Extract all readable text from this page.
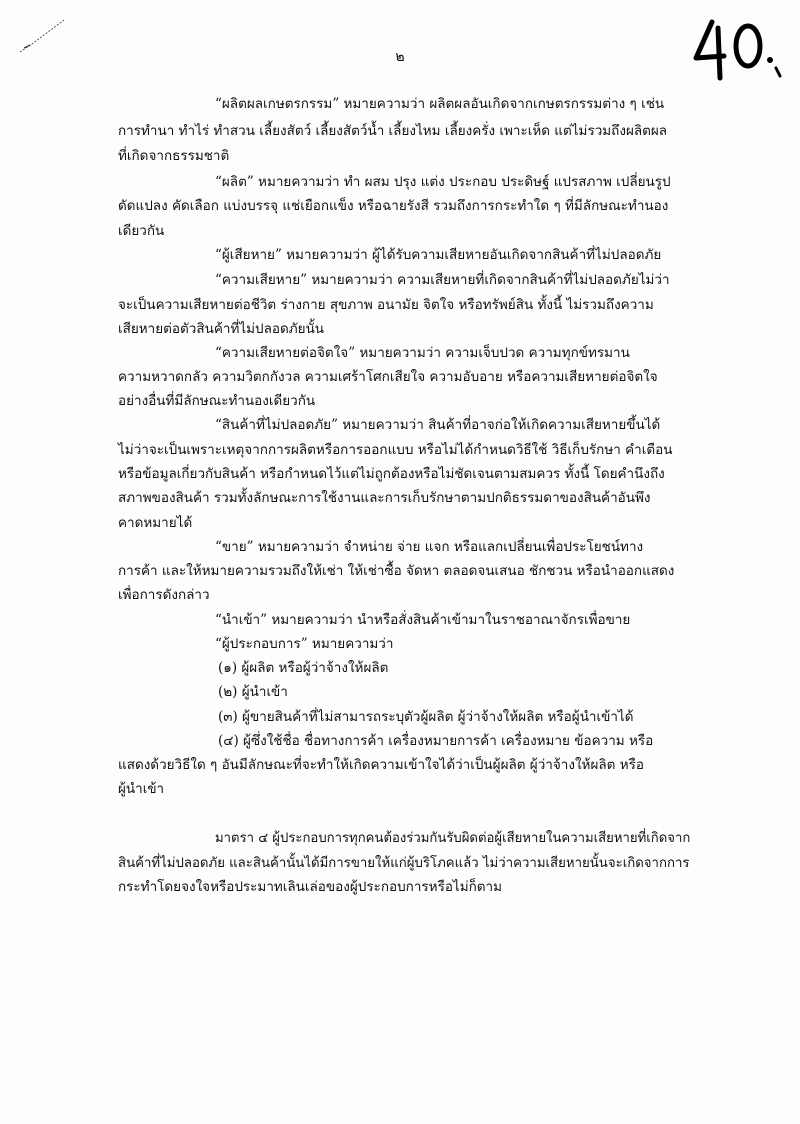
๒
“ผลิตผลเกษตรกรรม” หมายความว่า ผลิตผลอันเกิดจากเกษตรกรรมต่าง ๆ เช่น
การทำนา ทำไร่ ทำสวน เลี้ยงสัตว์ เลี้ยงสัตว์น้ำ เลี้ยงไหม เลี้ยงครั่ง เพาะเห็ด แต่ไม่รวมถึงผลิตผล
ที่เกิดจากธรรมชาติ
“ผลิต” หมายความว่า ทำ ผสม ปรุง แต่ง ประกอบ ประดิษฐ์ แปรสภาพ เปลี่ยนรูป
ดัดแปลง คัดเลือก แบ่งบรรจุ แช่เยือกแข็ง หรือฉายรังสี รวมถึงการกระทำใด ๆ ที่มีลักษณะทำนอง
เดียวกัน
“ผู้เสียหาย” หมายความว่า ผู้ได้รับความเสียหายอันเกิดจากสินค้าที่ไม่ปลอดภัย
“ความเสียหาย” หมายความว่า ความเสียหายที่เกิดจากสินค้าที่ไม่ปลอดภัยไม่ว่า
จะเป็นความเสียหายต่อชีวิต ร่างกาย สุขภาพ อนามัย จิตใจ หรือทรัพย์สิน ทั้งนี้ ไม่รวมถึงความ
เสียหายต่อตัวสินค้าที่ไม่ปลอดภัยนั้น
“ความเสียหายต่อจิตใจ” หมายความว่า ความเจ็บปวด ความทุกข์ทรมาน
ความหวาดกลัว ความวิตกกังวล ความเศร้าโศกเสียใจ ความอับอาย หรือความเสียหายต่อจิตใจ
อย่างอื่นที่มีลักษณะทำนองเดียวกัน
“สินค้าที่ไม่ปลอดภัย” หมายความว่า สินค้าที่อาจก่อให้เกิดความเสียหายขึ้นได้
ไม่ว่าจะเป็นเพราะเหตุจากการผลิตหรือการออกแบบ หรือไม่ได้กำหนดวิธีใช้ วิธีเก็บรักษา คำเตือน
หรือข้อมูลเกี่ยวกับสินค้า หรือกำหนดไว้แต่ไม่ถูกต้องหรือไม่ชัดเจนตามสมควร ทั้งนี้ โดยคำนึงถึง
สภาพของสินค้า รวมทั้งลักษณะการใช้งานและการเก็บรักษาตามปกติธรรมดาของสินค้าอันพึง
คาดหมายได้
“ขาย” หมายความว่า จำหน่าย จ่าย แจก หรือแลกเปลี่ยนเพื่อประโยชน์ทาง
การค้า และให้หมายความรวมถึงให้เช่า ให้เช่าซื้อ จัดหา ตลอดจนเสนอ ชักชวน หรือนำออกแสดง
เพื่อการดังกล่าว
“นำเข้า” หมายความว่า นำหรือสั่งสินค้าเข้ามาในราชอาณาจักรเพื่อขาย
“ผู้ประกอบการ” หมายความว่า
(๑) ผู้ผลิต หรือผู้ว่าจ้างให้ผลิต
(๒) ผู้นำเข้า
(๓) ผู้ขายสินค้าที่ไม่สามารถระบุตัวผู้ผลิต ผู้ว่าจ้างให้ผลิต หรือผู้นำเข้าได้
(๔) ผู้ซึ่งใช้ชื่อ ชื่อทางการค้า เครื่องหมายการค้า เครื่องหมาย ข้อความ หรือ
แสดงด้วยวิธีใด ๆ อันมีลักษณะที่จะทำให้เกิดความเข้าใจได้ว่าเป็นผู้ผลิต ผู้ว่าจ้างให้ผลิต หรือ
ผู้นำเข้า
มาตรา ๔ ผู้ประกอบการทุกคนต้องร่วมกันรับผิดต่อผู้เสียหายในความเสียหายที่เกิดจาก
สินค้าที่ไม่ปลอดภัย และสินค้านั้นได้มีการขายให้แก่ผู้บริโภคแล้ว ไม่ว่าความเสียหายนั้นจะเกิดจากการ
กระทำโดยจงใจหรือประมาทเลินเล่อของผู้ประกอบการหรือไม่ก็ตาม
